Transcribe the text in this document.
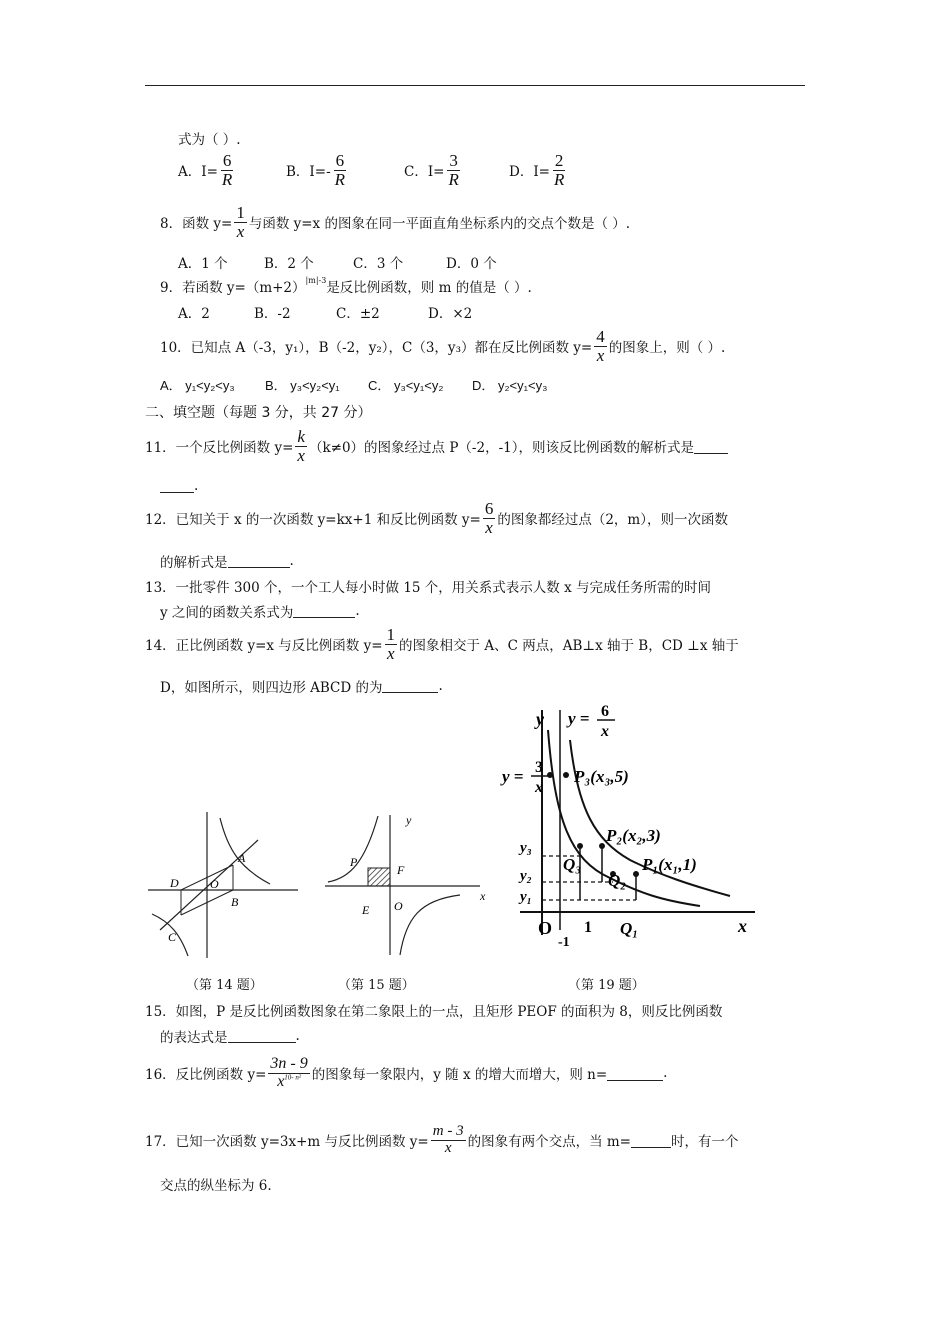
式为（ ）.
A．$I= \frac{6}{R}$	B．$I=- \frac{6}{R}$	C．$I= \frac{3}{R}$	D．$I= \frac{2}{R}$
8．函数 $y= \frac{1}{x}$ 与函数 y=x 的图象在同一平面直角坐标系内的交点个数是（ ）.
A．1 个	B．2 个	C．3 个	D．0 个
9．若函数 $y=(m+2)^{|m|-3}$ 是反比例函数，则 m 的值是（ ）.
A．2	B．-2	C．±2	D．×2
10．已知点 A（-3，y₁），B（-2，y₂），C（3，y₃）都在反比例函数 $y= \frac{4}{x}$ 的图象上，则（ ）.
A． y₁<y₂<y₃ B． y₃<y₂<y₁ C． y₃<y₁<y₂ D． y₂<y₁<y₃
二、填空题（每题 3 分，共 27 分）
11．一个反比例函数 $y= \frac{k}{x} (k\ne 0)$的图象经过点 P（-2，-1），则该反比例函数的解析式是
.
12．已知关于 x 的一次函数 y=kx+1 和反比例函数 $y= \frac{6}{x}$ 的图象都经过点（2，m），则一次函数
的解析式是	.
13．一批零件 300 个，一个工人每小时做 15 个，用关系式表示人数 x 与完成任务所需的时间
y 之间的函数关系式为	.
14．正比例函数 y=x 与反比例函数 $y= \frac{1}{x}$ 的图象相交于 A、C 两点，AB⊥x 轴于 B，CD ⊥x 轴于
D，如图所示，则四边形 ABCD 的为	.
A
B
C
D	O
（第 14 题）
y
x
P
F
E O
（第 15 题）
y
x
O
y = 6
x
y = 3
x
P₃(x₃,5)
P₂(x₂,3)
P₁(x₁,1)
Q₃
Q₂
Q₁
y₃
y₂
y₁
1
-1
（第 19 题）
15．如图，P 是反比例函数图象在第二象限上的一点，且矩形 PEOF 的面积为 8，则反比例函数
的表达式是	.
16．反比例函数 $y= \frac{3n - 9}{x^{10- n^2}}$ 的图象每一象限内，y 随 x 的增大而增大，则 n=	.
17．已知一次函数 y=3x+m 与反比例函数 $y= \frac{m - 3}{x}$ 的图象有两个交点，当 m=	时，有一个
交点的纵坐标为 6.
